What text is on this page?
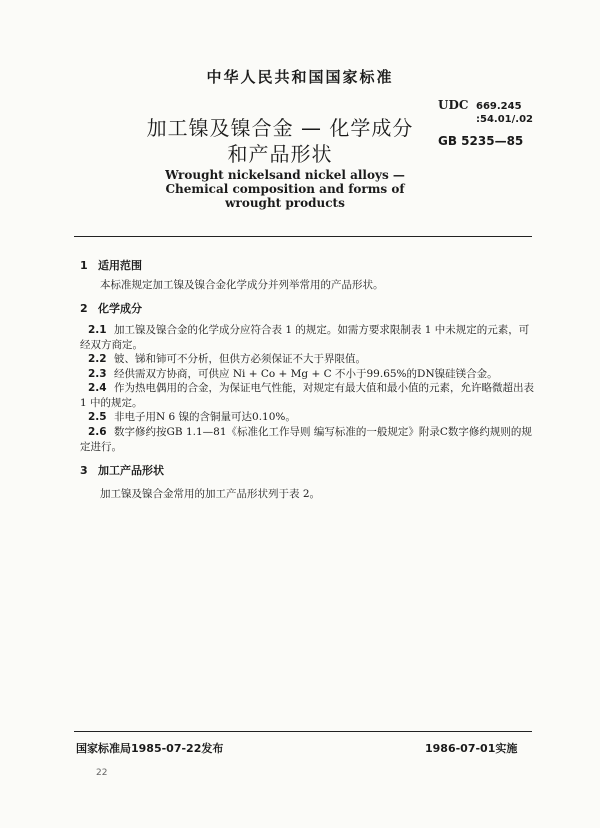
中华人民共和国国家标准
加工镍及镍合金 — 化学成分
和产品形状
Wrought nickelsand nickel alloys —
Chemical composition and forms of
wrought products
UDC 669.245
:54.01/.02
GB 5235—85
1 适用范围
本标准规定加工镍及镍合金化学成分并列举常用的产品形状。
2 化学成分
2.1 加工镍及镍合金的化学成分应符合表 1 的规定。如需方要求限制表 1 中未规定的元素，可经双方商定。
2.2 铍、锑和铈可不分析，但供方必须保证不大于界限值。
2.3 经供需双方协商，可供应 Ni + Co + Mg + C 不小于99.65%的DN镍硅镁合金。
2.4 作为热电偶用的合金，为保证电气性能，对规定有最大值和最小值的元素，允许略微超出表 1 中的规定。
2.5 非电子用N 6 镍的含铜量可达0.10%。
2.6 数字修约按GB 1.1—81《标准化工作导则 编写标准的一般规定》附录C数字修约规则的规定进行。
3 加工产品形状
加工镍及镍合金常用的加工产品形状列于表 2。
国家标准局1985-07-22发布	1986-07-01实施
22
